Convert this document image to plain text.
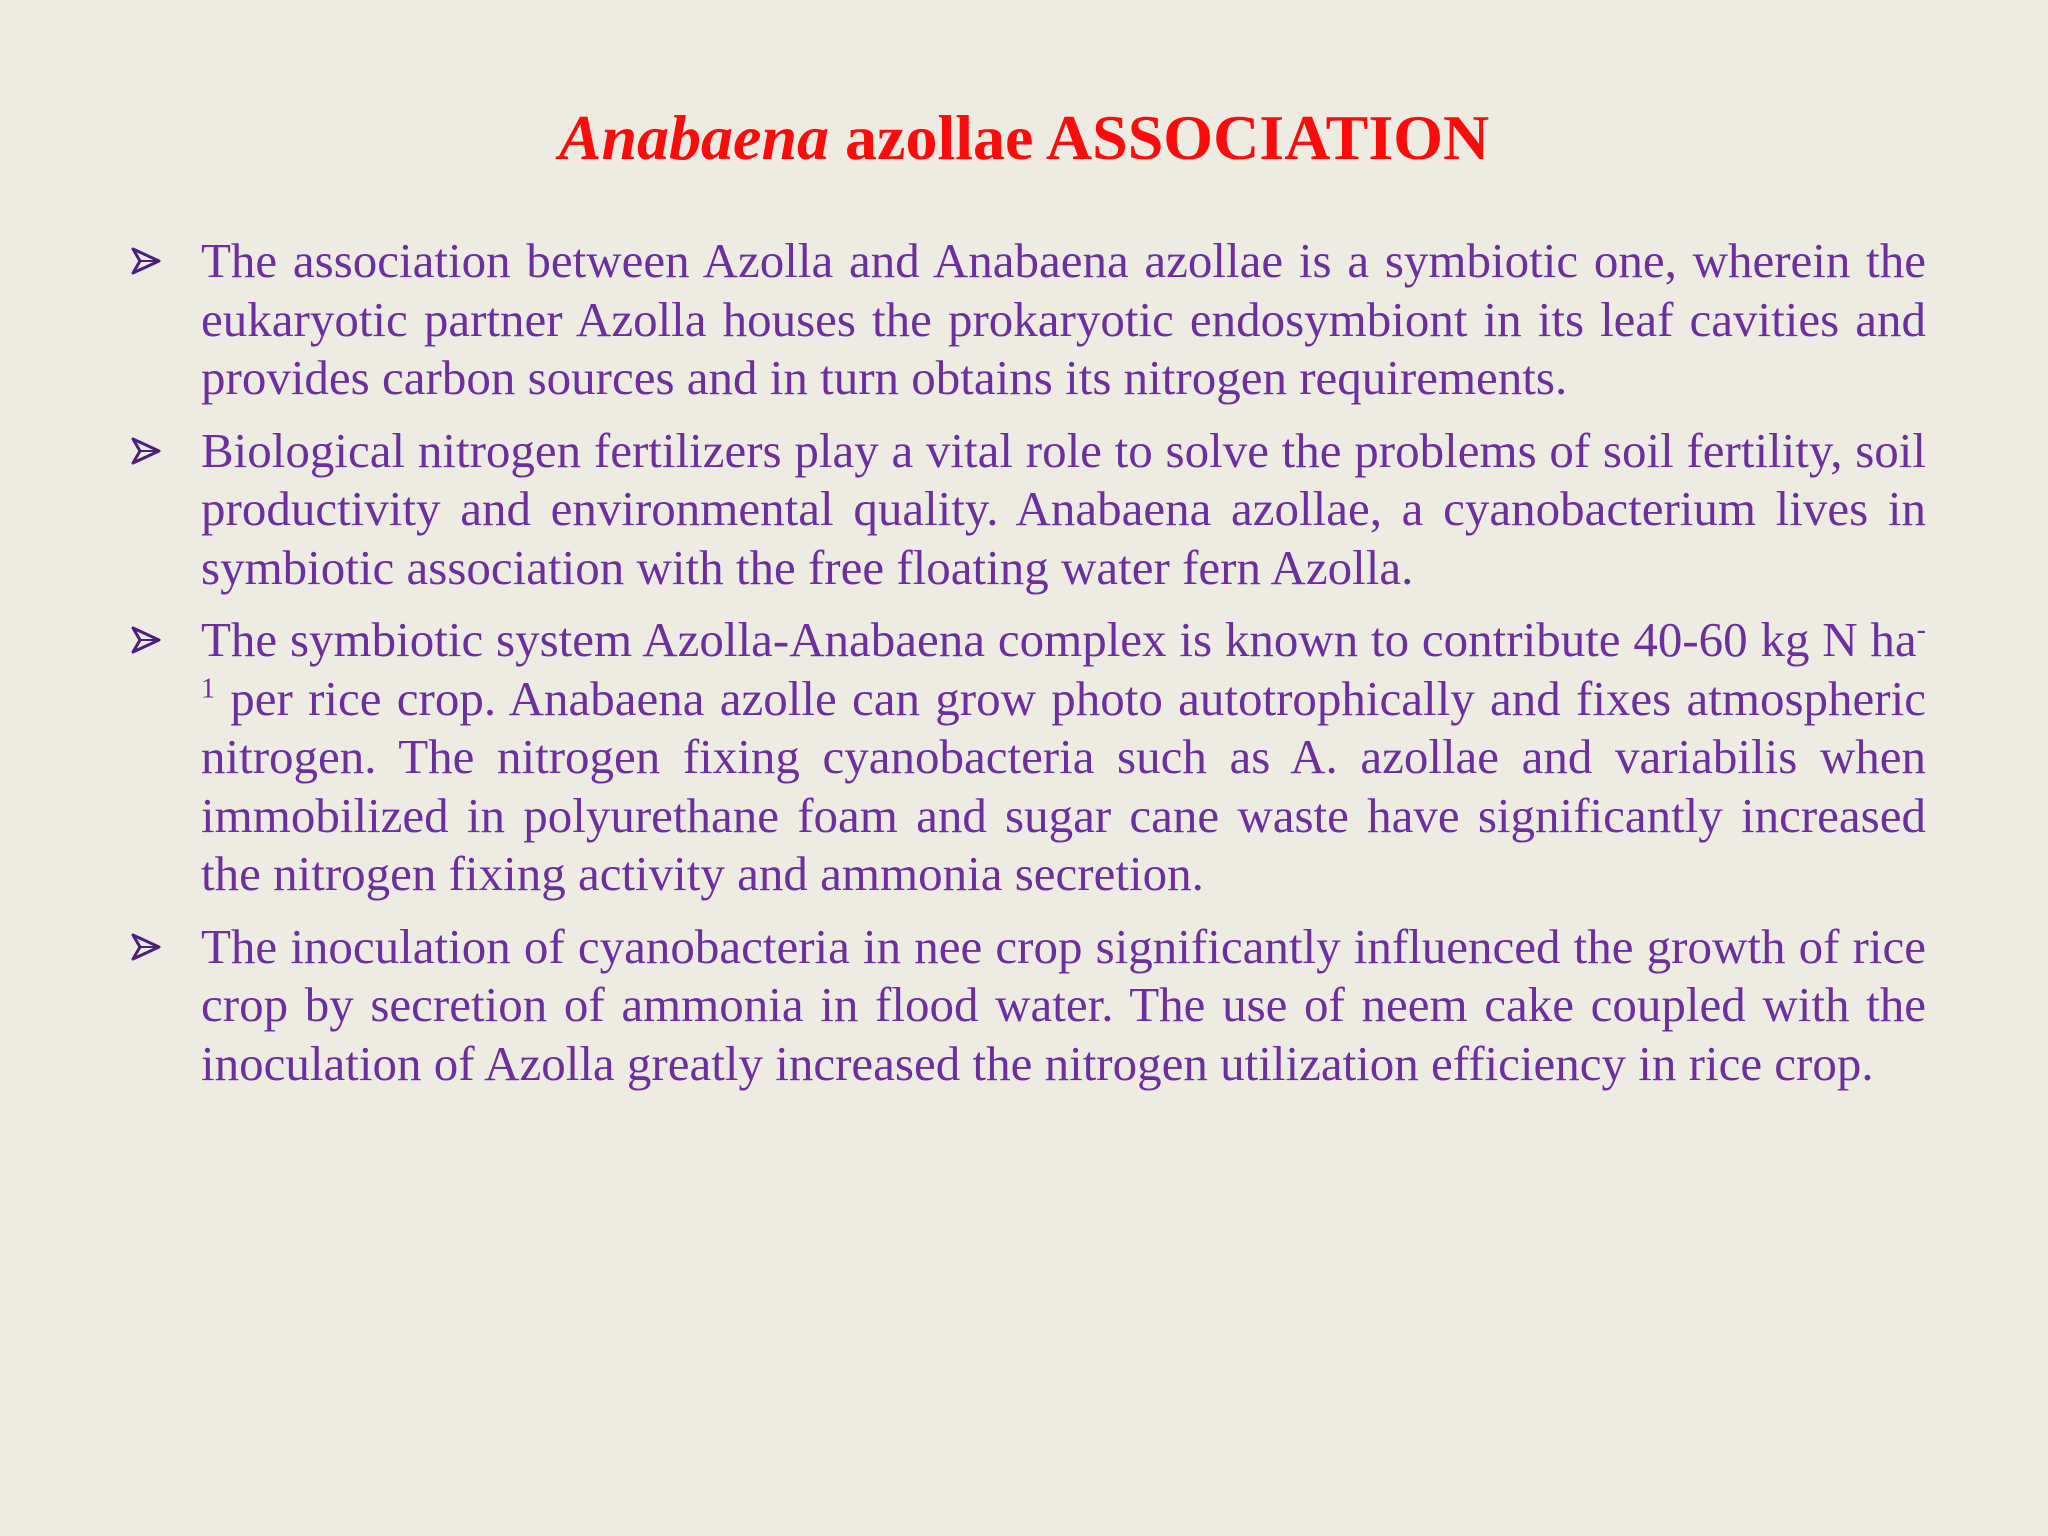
Anabaena azollae ASSOCIATION
The association between Azolla and Anabaena azollae is a symbiotic one, wherein the eukaryotic partner Azolla houses the prokaryotic endosymbiont in its leaf cavities and provides carbon sources and in turn obtains its nitrogen requirements.
Biological nitrogen fertilizers play a vital role to solve the problems of soil fertility, soil productivity and environmental quality. Anabaena azollae, a cyanobacterium lives in symbiotic association with the free floating water fern Azolla.
The symbiotic system Azolla-Anabaena complex is known to contribute 40-60 kg N $ha^{-1}$ per rice crop. Anabaena azolle can grow photo autotrophically and fixes atmospheric nitrogen. The nitrogen fixing cyanobacteria such as A. azollae and variabilis when immobilized in polyurethane foam and sugar cane waste have significantly increased the nitrogen fixing activity and ammonia secretion.
The inoculation of cyanobacteria in nee crop significantly influenced the growth of rice crop by secretion of ammonia in flood water. The use of neem cake coupled with the inoculation of Azolla greatly increased the nitrogen utilization efficiency in rice crop.
